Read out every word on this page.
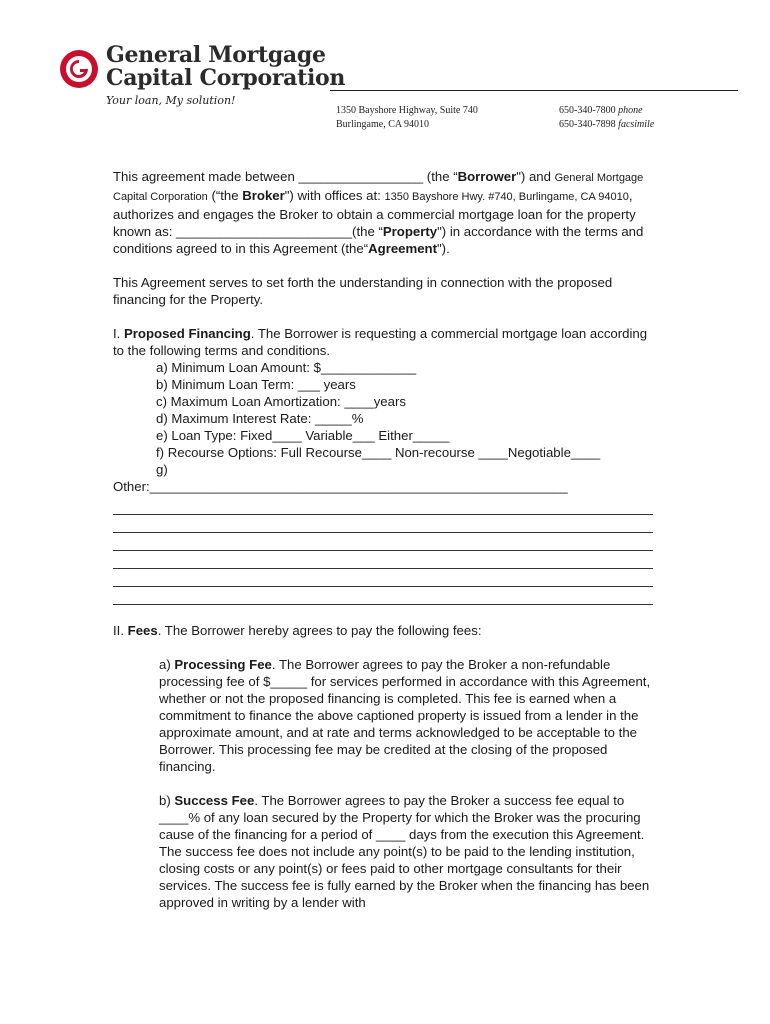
General Mortgage
Capital Corporation
Your loan, My solution!
1350 Bayshore Highway, Suite 740
Burlingame, CA 94010
650-340-7800 phone
650-340-7898 facsimile

This agreement made between _________________ (the “Borrower") and General Mortgage Capital Corporation (“the Broker") with offices at: 1350 Bayshore Hwy. #740, Burlingame, CA 94010, authorizes and engages the Broker to obtain a commercial mortgage loan for the property known as: ________________________(the “Property") in accordance with the terms and conditions agreed to in this Agreement (the“Agreement").

This Agreement serves to set forth the understanding in connection with the proposed financing for the Property.

I. Proposed Financing. The Borrower is requesting a commercial mortgage loan according to the following terms and conditions.

a) Minimum Loan Amount: $_____________
b) Minimum Loan Term: ___ years
c) Maximum Loan Amortization: ____years
d) Maximum Interest Rate: _____%
e) Loan Type: Fixed____ Variable___ Either_____
f) Recourse Options: Full Recourse____ Non-recourse ____Negotiable____
g)
Other:_________________________________________________________

II. Fees. The Borrower hereby agrees to pay the following fees:

a) Processing Fee. The Borrower agrees to pay the Broker a non-refundable processing fee of $_____ for services performed in accordance with this Agreement, whether or not the proposed financing is completed. This fee is earned when a commitment to finance the above captioned property is issued from a lender in the approximate amount, and at rate and terms acknowledged to be acceptable to the Borrower. This processing fee may be credited at the closing of the proposed financing.

b) Success Fee. The Borrower agrees to pay the Broker a success fee equal to ____% of any loan secured by the Property for which the Broker was the procuring cause of the financing for a period of ____ days from the execution this Agreement. The success fee does not include any point(s) to be paid to the lending institution, closing costs or any point(s) or fees paid to other mortgage consultants for their services. The success fee is fully earned by the Broker when the financing has been approved in writing by a lender with
